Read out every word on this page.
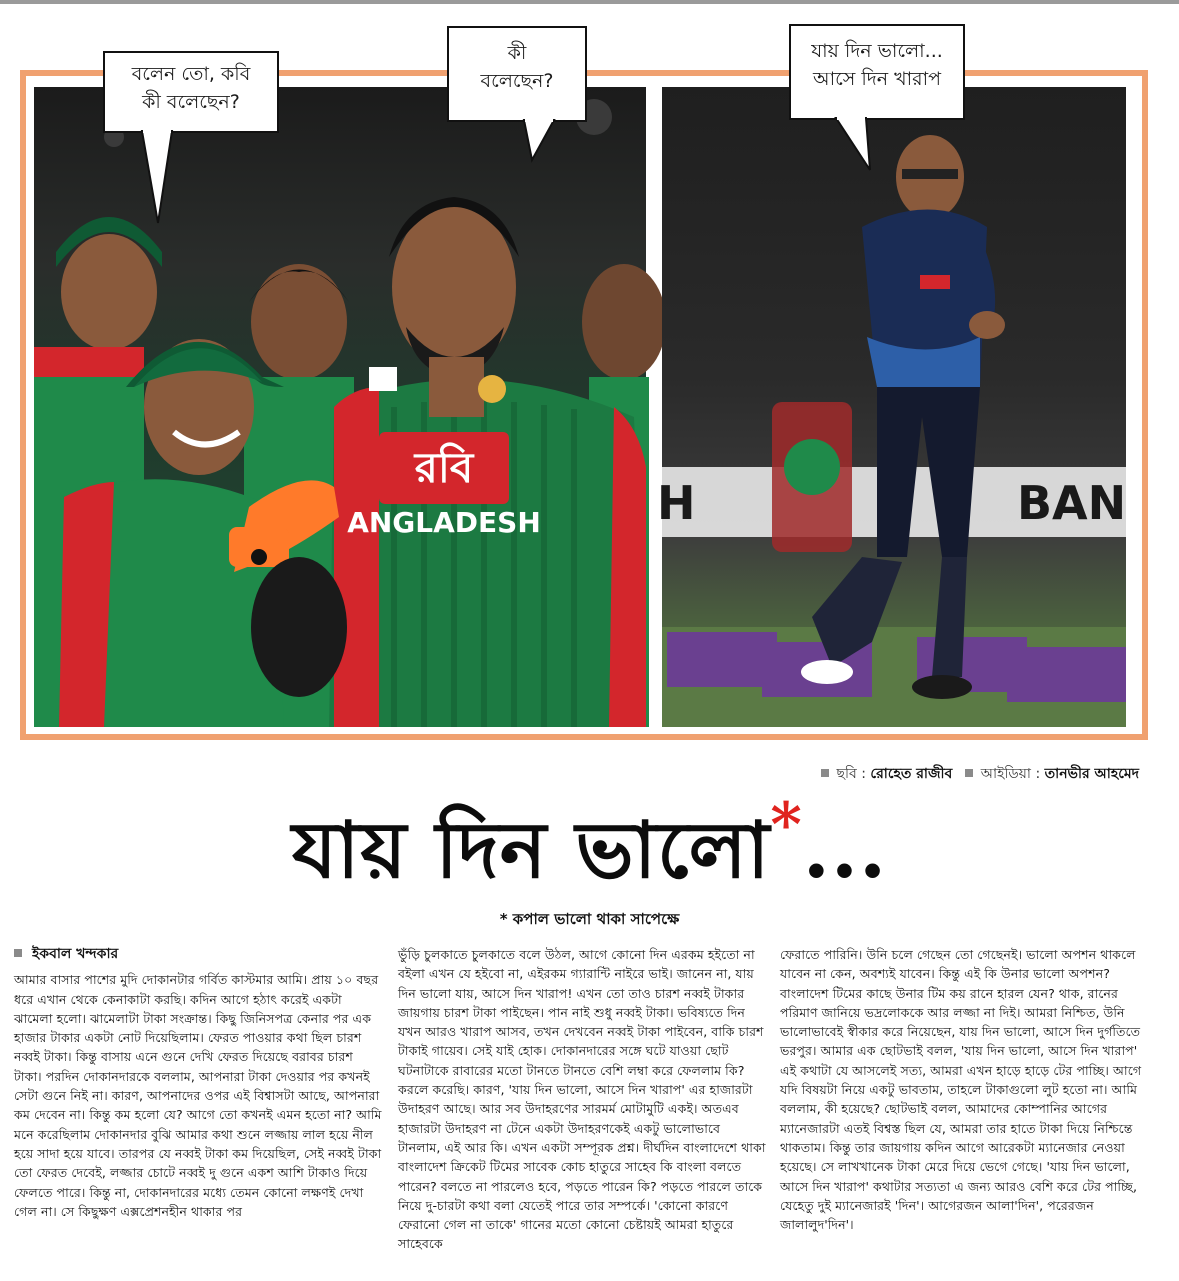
রবি
ANGLADESH	H	BAN
বলেন তো, কবি
কী বলেছেন?
কী
বলেছেন?
যায় দিন ভালো...
আসে দিন খারাপ
ছবি : রোহেত রাজীব আইডিয়া : তানভীর আহমেদ
যায় দিন ভালো*...
* কপাল ভালো থাকা সাপেক্ষে

ইকবাল খন্দকার

আমার বাসার পাশের মুদি দোকানটার গর্বিত কাস্টমার আমি। প্রায় ১০ বছর ধরে এখান থেকে কেনাকাটা করছি। কদিন আগে হঠাৎ করেই একটা ঝামেলা হলো। ঝামেলাটা টাকা সংক্রান্ত। কিছু জিনিসপত্র কেনার পর এক হাজার টাকার একটা নোট দিয়েছিলাম। ফেরত পাওয়ার কথা ছিল চারশ নব্বই টাকা। কিন্তু বাসায় এনে গুনে দেখি ফেরত দিয়েছে বরাবর চারশ টাকা। পরদিন দোকানদারকে বললাম, আপনারা টাকা দেওয়ার পর কখনই সেটা গুনে নিই না। কারণ, আপনাদের ওপর এই বিশ্বাসটা আছে, আপনারা কম দেবেন না। কিন্তু কম হলো যে? আগে তো কখনই এমন হতো না? আমি মনে করেছিলাম দোকানদার বুঝি আমার কথা শুনে লজ্জায় লাল হয়ে নীল হয়ে সাদা হয়ে যাবে। তারপর যে নব্বই টাকা কম দিয়েছিল, সেই নব্বই টাকা তো ফেরত দেবেই, লজ্জার চোটে নব্বই দু গুনে একশ আশি টাকাও দিয়ে ফেলতে পারে। কিন্তু না, দোকানদারের মধ্যে তেমন কোনো লক্ষণই দেখা গেল না। সে কিছুক্ষণ এক্সপ্রেশনহীন থাকার পর

ভুঁড়ি চুলকাতে চুলকাতে বলে উঠল, আগে কোনো দিন এরকম হইতো না বইলা এখন যে হইবো না, এইরকম গ্যারান্টি নাইরে ভাই। জানেন না, যায় দিন ভালো যায়, আসে দিন খারাপ! এখন তো তাও চারশ নব্বই টাকার জায়গায় চারশ টাকা পাইছেন। পান নাই শুধু নব্বই টাকা। ভবিষ্যতে দিন যখন আরও খারাপ আসব, তখন দেখবেন নব্বই টাকা পাইবেন, বাকি চারশ টাকাই গায়েব। সেই যাই হোক। দোকানদারের সঙ্গে ঘটে যাওয়া ছোট ঘটনাটাকে রাবারের মতো টানতে টানতে বেশি লম্বা করে ফেললাম কি? করলে করেছি। কারণ, 'যায় দিন ভালো, আসে দিন খারাপ' এর হাজারটা উদাহরণ আছে। আর সব উদাহরণের সারমর্ম মোটামুটি একই। অতএব হাজারটা উদাহরণ না টেনে একটা উদাহরণকেই একটু ভালোভাবে টানলাম, এই আর কি। এখন একটা সম্পূরক প্রশ্ন। দীর্ঘদিন বাংলাদেশে থাকা বাংলাদেশ ক্রিকেট টিমের সাবেক কোচ হাতুরে সাহেব কি বাংলা বলতে পারেন? বলতে না পারলেও হবে, পড়তে পারেন কি? পড়তে পারলে তাকে নিয়ে দু-চারটা কথা বলা যেতেই পারে তার সম্পর্কে। 'কোনো কারণে ফেরানো গেল না তাকে' গানের মতো কোনো চেষ্টায়ই আমরা হাতুরে সাহেবকে

ফেরাতে পারিনি। উনি চলে গেছেন তো গেছেনই। ভালো অপশন থাকলে যাবেন না কেন, অবশ্যই যাবেন। কিন্তু এই কি উনার ভালো অপশন? বাংলাদেশ টিমের কাছে উনার টিম কয় রানে হারল যেন? থাক, রানের পরিমাণ জানিয়ে ভদ্রলোককে আর লজ্জা না দিই। আমরা নিশ্চিত, উনি ভালোভাবেই স্বীকার করে নিয়েছেন, যায় দিন ভালো, আসে দিন দুর্গতিতে ভরপুর। আমার এক ছোটভাই বলল, 'যায় দিন ভালো, আসে দিন খারাপ' এই কথাটা যে আসলেই সত্য, আমরা এখন হাড়ে হাড়ে টের পাচ্ছি। আগে যদি বিষয়টা নিয়ে একটু ভাবতাম, তাহলে টাকাগুলো লুট হতো না। আমি বললাম, কী হয়েছে? ছোটভাই বলল, আমাদের কোম্পানির আগের ম্যানেজারটা এতই বিশ্বস্ত ছিল যে, আমরা তার হাতে টাকা দিয়ে নিশ্চিন্তে থাকতাম। কিন্তু তার জায়গায় কদিন আগে আরেকটা ম্যানেজার নেওয়া হয়েছে। সে লাখখানেক টাকা মেরে দিয়ে ভেগে গেছে। 'যায় দিন ভালো, আসে দিন খারাপ' কথাটার সত্যতা এ জন্য আরও বেশি করে টের পাচ্ছি, যেহেতু দুই ম্যানেজারই 'দিন'। আগেরজন আলা'দিন', পরেরজন জালালুদ'দিন'।
